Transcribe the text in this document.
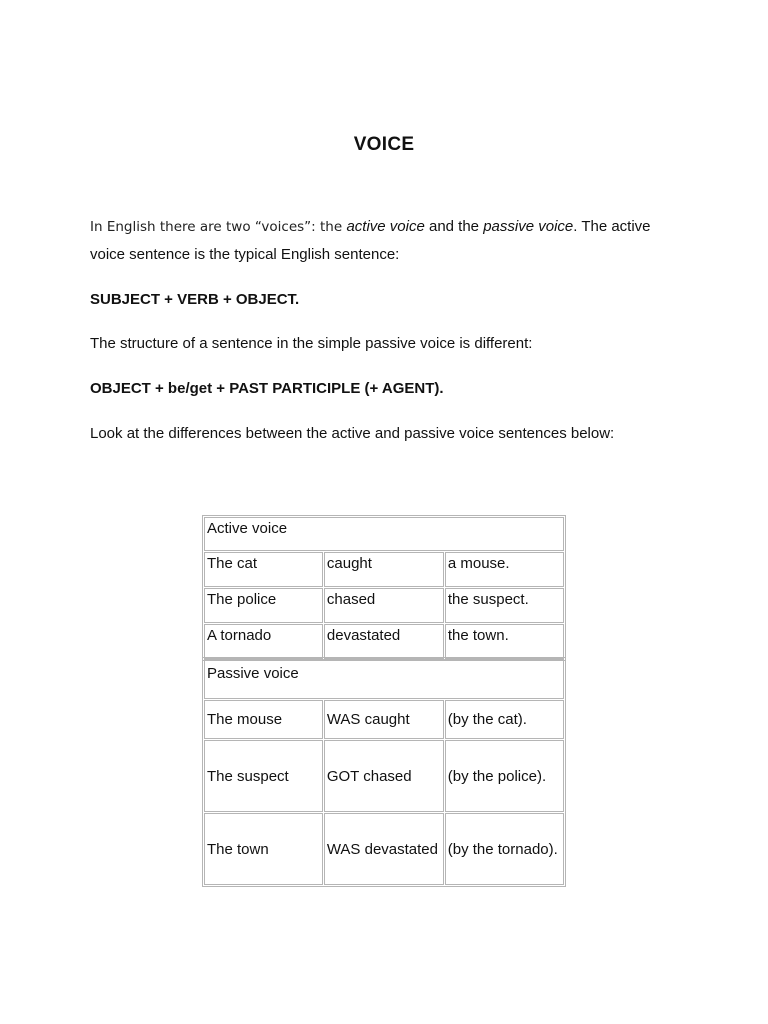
VOICE
In English there are two “voices”: the active voice and the passive voice. The active voice sentence is the typical English sentence:
SUBJECT + VERB + OBJECT.
The structure of a sentence in the simple passive voice is different:
OBJECT + be/get + PAST PARTICIPLE (+ AGENT).
Look at the differences between the active and passive voice sentences below:
Active voice		
The cat	caught	a mouse.
The police	chased	the suspect.
A tornado	devastated	the town.
Passive voice		
The mouse	WAS caught	(by the cat).
The suspect	GOT chased	(by the police).
The town	WAS devastated	(by the tornado).
